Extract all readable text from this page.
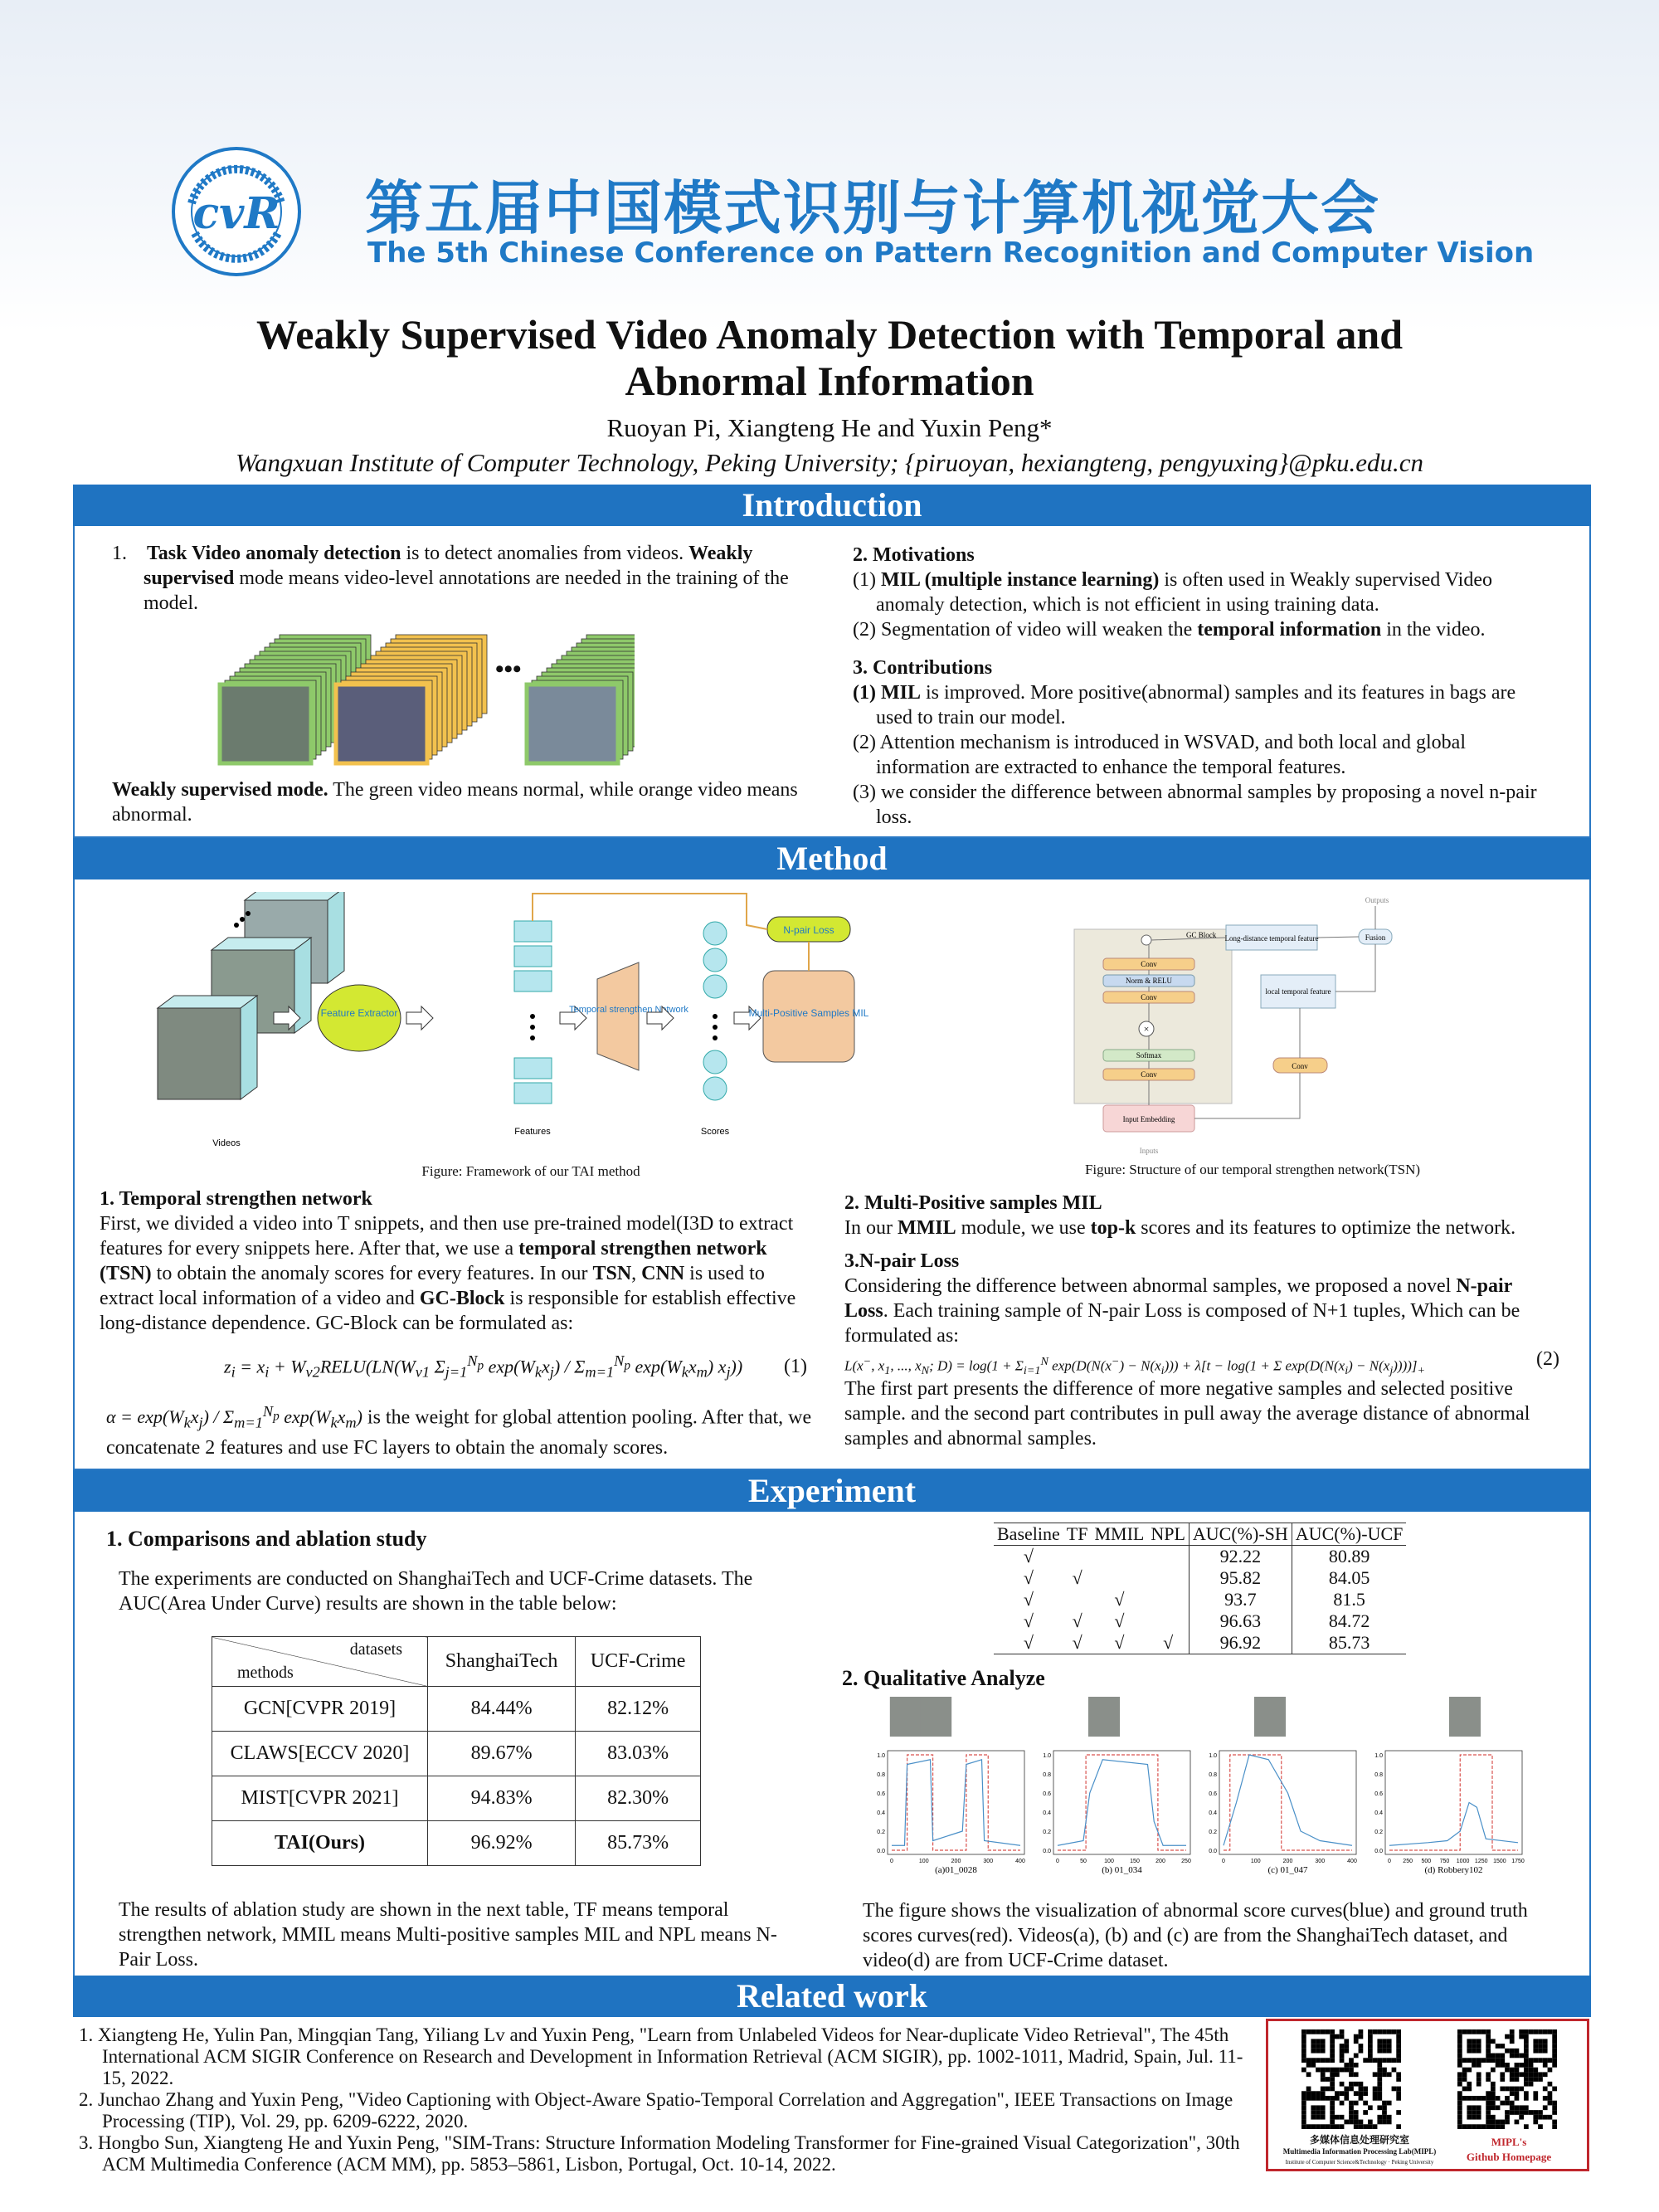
cvR 第五届中国模式识别与计算机视觉大会
The 5th Chinese Conference on Pattern Recognition and Computer Vision
Weakly Supervised Video Anomaly Detection with Temporal and
Abnormal Information
Ruoyan Pi, Xiangteng He and Yuxin Peng*
Wangxuan Institute of Computer Technology, Peking University; {piruoyan, hexiangteng, pengyuxing}@pku.edu.cn
Introduction
1. Task Video anomaly detection is to detect anomalies from videos. Weakly supervised mode means video-level annotations are needed in the training of the model.
•••
Weakly supervised mode. The green video means normal, while orange video means abnormal.
2. Motivations
(1) MIL (multiple instance learning) is often used in Weakly supervised Video anomaly detection, which is not efficient in using training data.
(2) Segmentation of video will weaken the temporal information in the video.
3. Contributions
(1) MIL is improved. More positive(abnormal) samples and its features in bags are used to train our model.
(2) Attention mechanism is introduced in WSVAD, and both local and global information are extracted to enhance the temporal features.
(3) we consider the difference between abnormal samples by proposing a novel n-pair loss.
Method
Videos
Feature Extractor
Features
Temporal strengthen Network
Scores
Multi-Positive Samples MIL
N-pair Loss
Figure: Framework of our TAI method
GC Block
Conv
Norm & RELU
Conv
×
Softmax
Conv
Input Embedding
Inputs
Long-distance temporal feature
local temporal feature
Fusion
Outputs
Conv
Figure: Structure of our temporal strengthen network(TSN)
1. Temporal strengthen network
First, we divided a video into T snippets, and then use pre-trained model(I3D to extract features for every snippets here. After that, we use a temporal strengthen network (TSN) to obtain the anomaly scores for every features. In our TSN, CNN is used to extract local information of a video and GC-Block is responsible for establish effective long-distance dependence. GC-Block can be formulated as:
$z_i = x_i$ + $W_{v2}RELU(LN(W_{v1}$ $\Sigma_{j=1}^{N_p}$ $\exp(W_kx_j) / \Sigma_{m=1}^{N_p}$ $\exp(W_kx_m)$ $x_j$)) (1)
$\alpha = \exp(W_kx_j) / \Sigma_{m=1}^{N_p}$ $\exp(W_kx_m)$ is the weight for global attention pooling. After that, we concatenate 2 features and use FC layers to obtain the anomaly scores.
2. Multi-Positive samples MIL
In our MMIL module, we use top-k scores and its features to optimize the network.
3.N-pair Loss
Considering the difference between abnormal samples, we proposed a novel N-pair Loss. Each training sample of N-pair Loss is composed of N+1 tuples, Which can be formulated as:
L(x−, $x_1$, ..., $x_N$; $D) = \log(1 + \Sigma_{i=1}^N$ $\exp(D(N(x^-) - N(x_i))) + \lambda[t - \log(1 + \Sigma$ $\exp(D(N(x_i) - N(x_j))))]_+$
(2)
The first part presents the difference of more negative samples and selected positive sample. and the second part contributes in pull away the average distance of abnormal samples and abnormal samples.
Experiment
1. Comparisons and ablation study
The experiments are conducted on ShanghaiTech and UCF-Crime datasets. The AUC(Area Under Curve) results are shown in the table below:
datasets
methods	ShanghaiTech	UCF-Crime
GCN[CVPR 2019]	84.44%	82.12%
CLAWS[ECCV 2020]	89.67%	83.03%
MIST[CVPR 2021]	94.83%	82.30%
TAI(Ours)	96.92%	85.73%
The results of ablation study are shown in the next table, TF means temporal strengthen network, MMIL means Multi-positive samples MIL and NPL means N-Pair Loss.
Baseline	TF	MMIL	NPL	AUC(%)-SH	AUC(%)-UCF
√				92.22	80.89
√	√			95.82	84.05
√		√		93.7	81.5
√	√	√		96.63	84.72
√	√	√	√	96.92	85.73
2. Qualitative Analyze
1.0
0.8
0.6
0.4
0.2
0.0
0	100	200	300	400
(a)01_0028
1.0
0.8
0.6
0.4
0.2
0.0
0	50	100	150	200	250
(b) 01_034
1.0
0.8
0.6
0.4
0.2
0.0
0	100	200	300	400
(c) 01_047
1.0
0.8
0.6
0.4
0.2
0.0
0 250 500 750 1000 1250 1500 1750
(d) Robbery102
The figure shows the visualization of abnormal score curves(blue) and ground truth scores curves(red). Videos(a), (b) and (c) are from the ShanghaiTech dataset, and video(d) are from UCF-Crime dataset.
Related work
1. Xiangteng He, Yulin Pan, Mingqian Tang, Yiliang Lv and Yuxin Peng, "Learn from Unlabeled Videos for Near-duplicate Video Retrieval", The 45th International ACM SIGIR Conference on Research and Development in Information Retrieval (ACM SIGIR), pp. 1002-1011, Madrid, Spain, Jul. 11-15, 2022.
2. Junchao Zhang and Yuxin Peng, "Video Captioning with Object-Aware Spatio-Temporal Correlation and Aggregation", IEEE Transactions on Image Processing (TIP), Vol. 29, pp. 6209-6222, 2020.
3. Hongbo Sun, Xiangteng He and Yuxin Peng, "SIM-Trans: Structure Information Modeling Transformer for Fine-grained Visual Categorization", 30th ACM Multimedia Conference (ACM MM), pp. 5853–5861, Lisbon, Portugal, Oct. 10-14, 2022.
多媒体信息处理研究室
Multimedia Information Processing Lab(MIPL)
Institute of Computer Science&Technology · Peking University
MIPL's
Github Homepage
